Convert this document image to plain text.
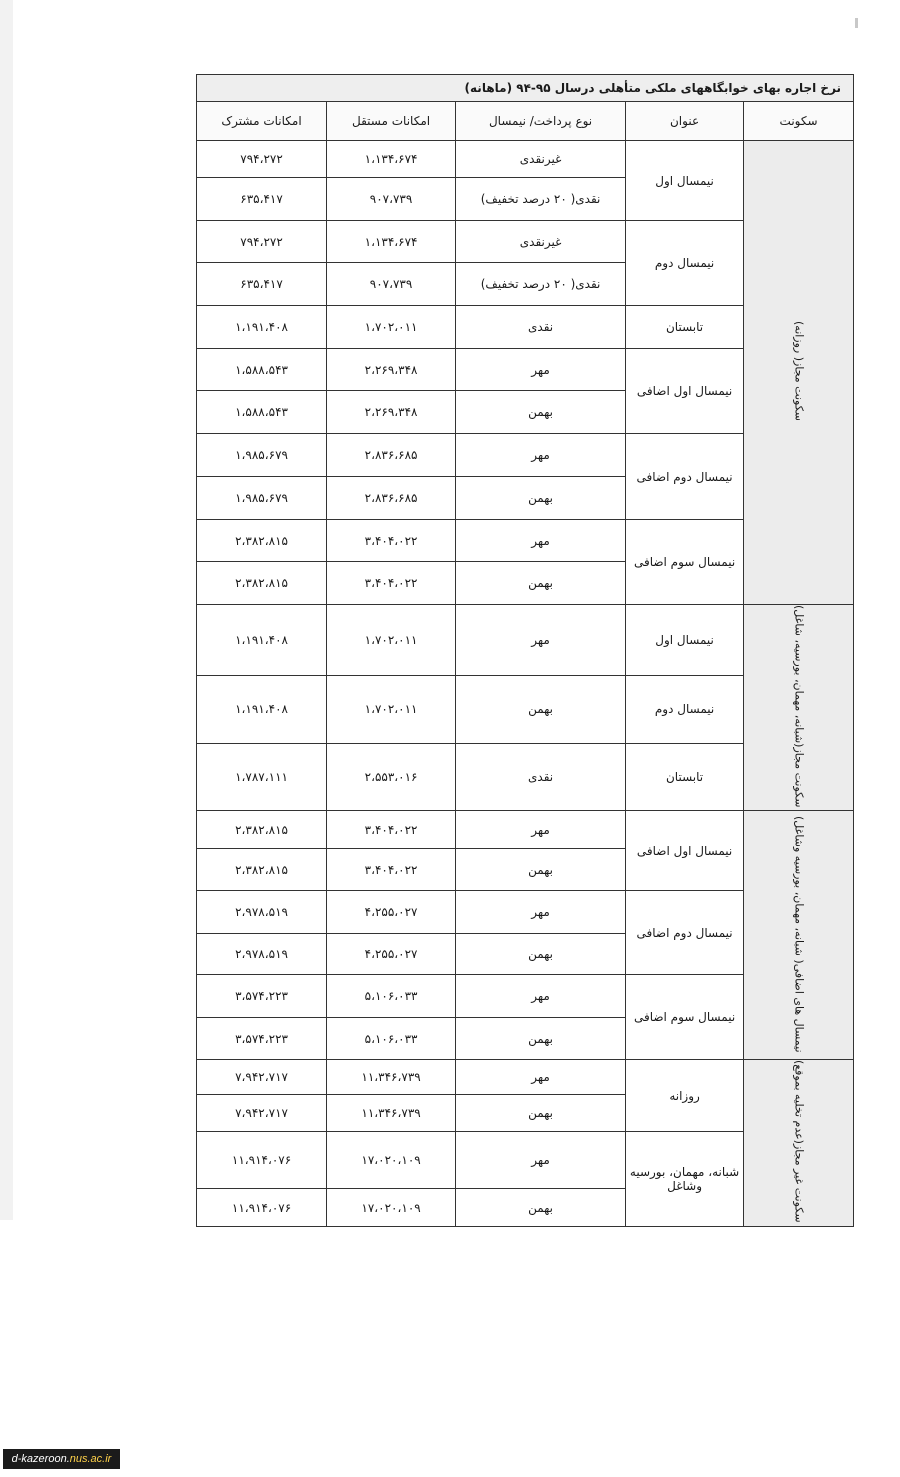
نرخ اجاره بهای خوابگاههای ملکی متأهلی درسال ۹۵-۹۴ (ماهانه)				
سکونت	عنوان	نوع پرداخت/ نیمسال	امکانات مستقل	امکانات مشترک
سکونت مجاز( روزانه)	نیمسال اول	غیرنقدی	۱،۱۳۴،۶۷۴	۷۹۴،۲۷۲
		نقدی( ۲۰ درصد تخفیف)	۹۰۷،۷۳۹	۶۳۵،۴۱۷
	نیمسال دوم	غیرنقدی	۱،۱۳۴،۶۷۴	۷۹۴،۲۷۲
		نقدی( ۲۰ درصد تخفیف)	۹۰۷،۷۳۹	۶۳۵،۴۱۷
	تابستان	نقدی	۱،۷۰۲،۰۱۱	۱،۱۹۱،۴۰۸
	نیمسال اول اضافی	مهر	۲،۲۶۹،۳۴۸	۱،۵۸۸،۵۴۳
		بهمن	۲،۲۶۹،۳۴۸	۱،۵۸۸،۵۴۳
	نیمسال دوم اضافی	مهر	۲،۸۳۶،۶۸۵	۱،۹۸۵،۶۷۹
		بهمن	۲،۸۳۶،۶۸۵	۱،۹۸۵،۶۷۹
	نیمسال سوم اضافی	مهر	۳،۴۰۴،۰۲۲	۲،۳۸۲،۸۱۵
		بهمن	۳،۴۰۴،۰۲۲	۲،۳۸۲،۸۱۵
سکونت مجاز(شبانه، مهمان، بورسیه، شاغل)	نیمسال اول	مهر	۱،۷۰۲،۰۱۱	۱،۱۹۱،۴۰۸
	نیمسال دوم	بهمن	۱،۷۰۲،۰۱۱	۱،۱۹۱،۴۰۸
	تابستان	نقدی	۲،۵۵۳،۰۱۶	۱،۷۸۷،۱۱۱
نیمسال های اضافی( شبانه، مهمان، بورسیه وشاغل)	نیمسال اول اضافی	مهر	۳،۴۰۴،۰۲۲	۲،۳۸۲،۸۱۵
		بهمن	۳،۴۰۴،۰۲۲	۲،۳۸۲،۸۱۵
	نیمسال دوم اضافی	مهر	۴،۲۵۵،۰۲۷	۲،۹۷۸،۵۱۹
		بهمن	۴،۲۵۵،۰۲۷	۲،۹۷۸،۵۱۹
	نیمسال سوم اضافی	مهر	۵،۱۰۶،۰۳۳	۳،۵۷۴،۲۲۳
		بهمن	۵،۱۰۶،۰۳۳	۳،۵۷۴،۲۲۳
سکونت غیر مجاز(عدم تخلیه بموقع)	روزانه	مهر	۱۱،۳۴۶،۷۳۹	۷،۹۴۲،۷۱۷
		بهمن	۱۱،۳۴۶،۷۳۹	۷،۹۴۲،۷۱۷
	شبانه، مهمان، بورسیه وشاغل	مهر	۱۷،۰۲۰،۱۰۹	۱۱،۹۱۴،۰۷۶
		بهمن	۱۷،۰۲۰،۱۰۹	۱۱،۹۱۴،۰۷۶
d-kazeroon.nus.ac.ir
